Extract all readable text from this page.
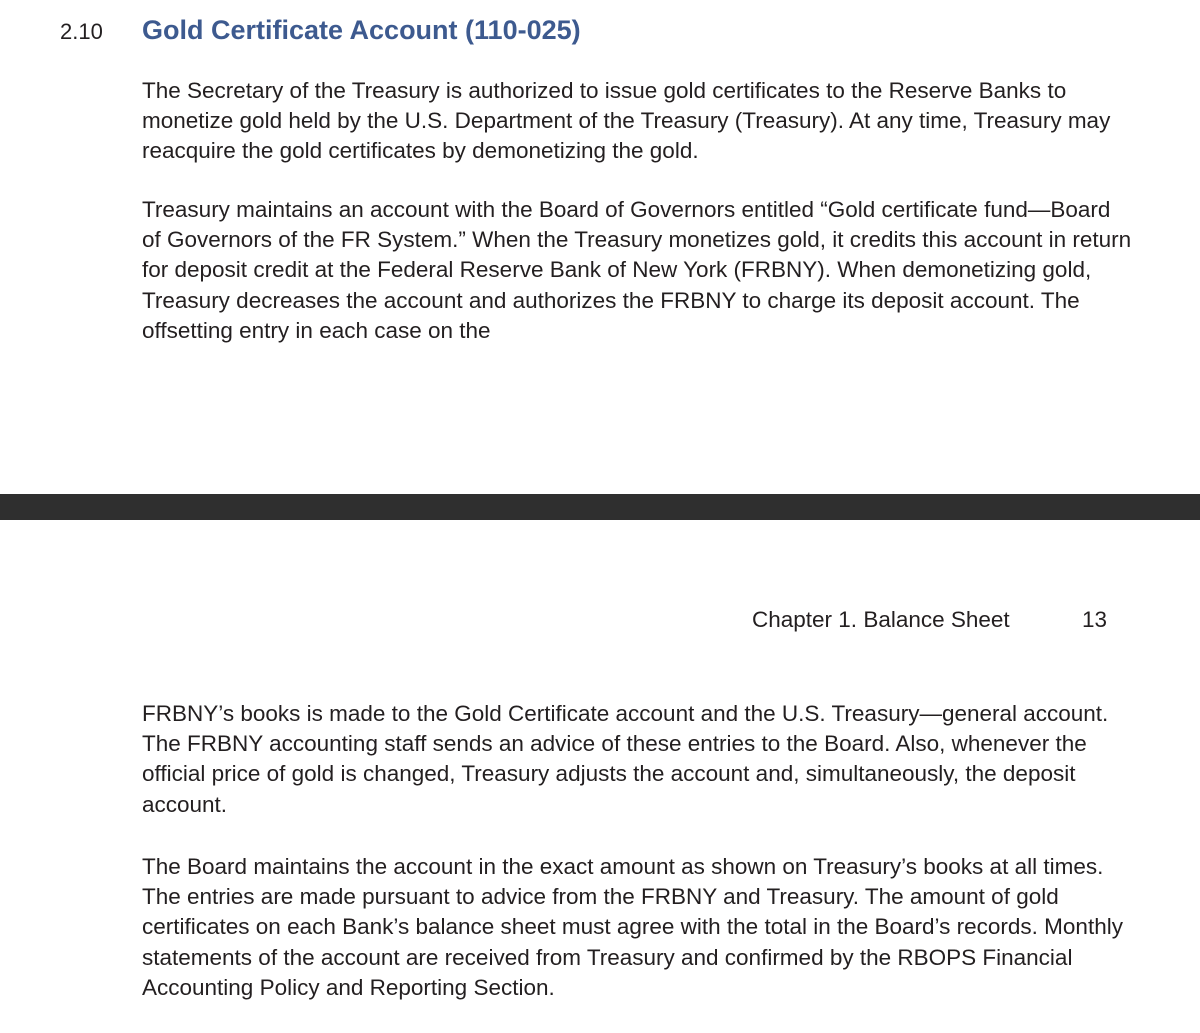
2.10 Gold Certificate Account (110-025)

The Secretary of the Treasury is authorized to issue gold certificates to the Reserve Banks to monetize gold held by the U.S. Department of the Treasury (Treasury). At any time, Treasury may reacquire the gold certificates by demonetizing the gold.

Treasury maintains an account with the Board of Governors entitled “Gold certificate fund—Board of Governors of the FR System.” When the Treasury monetizes gold, it credits this account in return for deposit credit at the Federal Reserve Bank of New York (FRBNY). When demonetizing gold, Treasury decreases the account and authorizes the FRBNY to charge its deposit account. The offsetting entry in each case on the

Chapter 1. Balance Sheet	13

FRBNY’s books is made to the Gold Certificate account and the U.S. Treasury—general account. The FRBNY accounting staff sends an advice of these entries to the Board. Also, whenever the official price of gold is changed, Treasury adjusts the account and, simultaneously, the deposit account.

The Board maintains the account in the exact amount as shown on Treasury’s books at all times. The entries are made pursuant to advice from the FRBNY and Treasury. The amount of gold certificates on each Bank’s balance sheet must agree with the total in the Board’s records. Monthly statements of the account are received from Treasury and confirmed by the RBOPS Financial Accounting Policy and Reporting Section.
